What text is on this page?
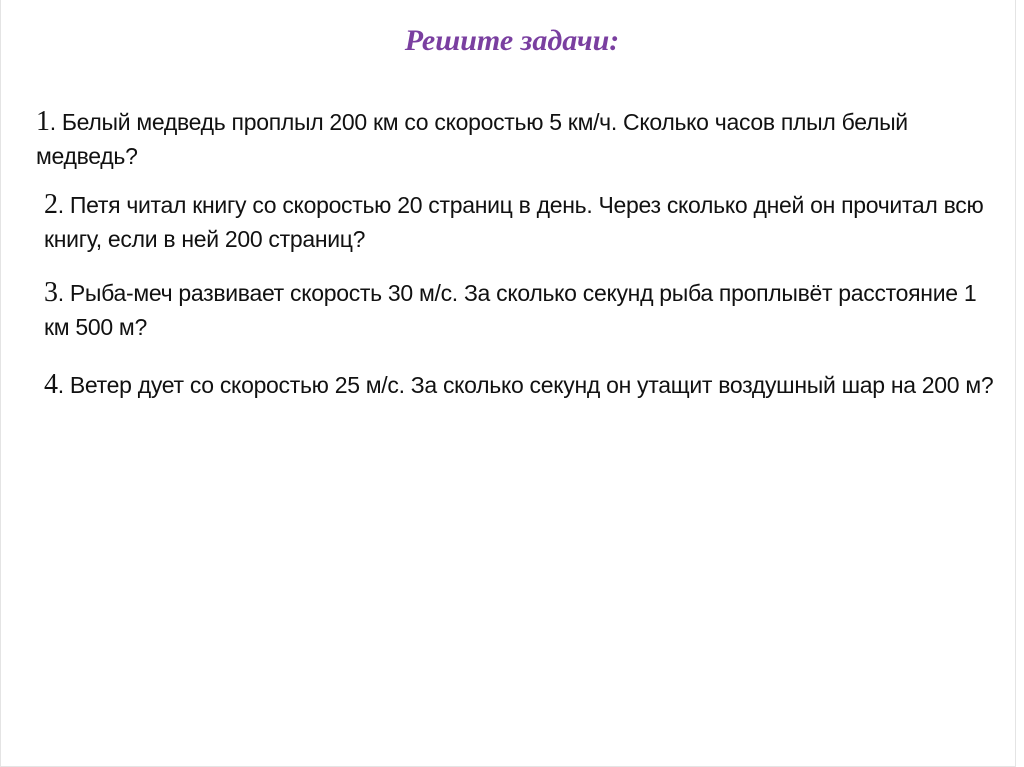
Решите задачи:

1. Белый медведь проплыл 200 км со скоростью 5 км/ч. Сколько часов плыл белый медведь?

2. Петя читал книгу со скоростью 20 страниц в день. Через сколько дней он прочитал всю книгу, если в ней 200 страниц?

3. Рыба-меч развивает скорость 30 м/с. За сколько секунд рыба проплывёт расстояние 1 км 500 м?

4. Ветер дует со скоростью 25 м/с. За сколько секунд он утащит воздушный шар на 200 м?
